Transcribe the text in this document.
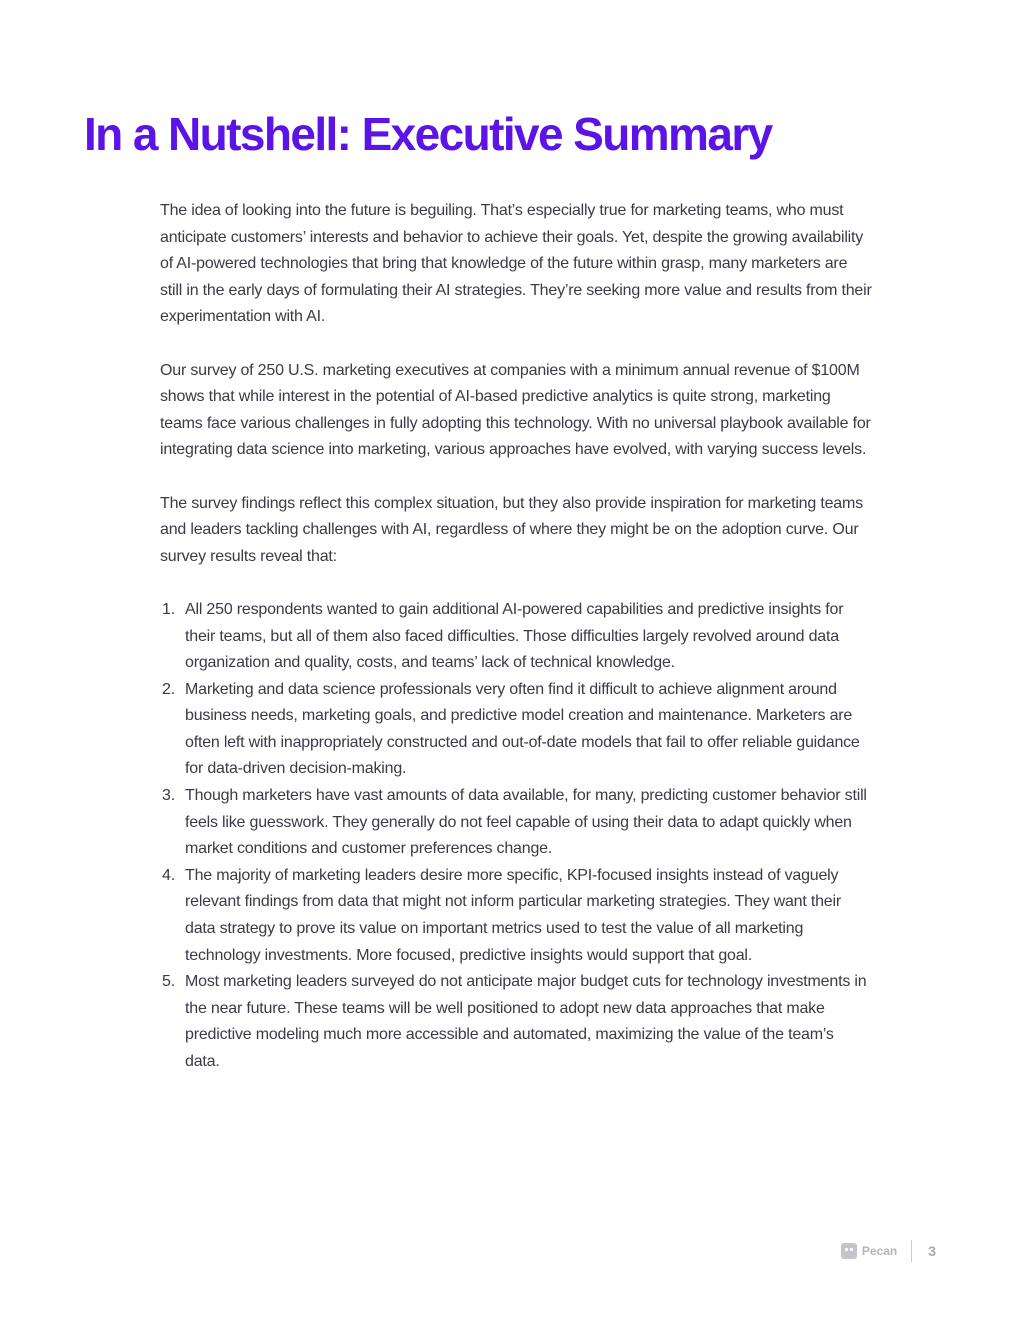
In a Nutshell: Executive Summary

The idea of looking into the future is beguiling. That’s especially true for marketing teams, who must anticipate customers’ interests and behavior to achieve their goals. Yet, despite the growing availability of AI-powered technologies that bring that knowledge of the future within grasp, many marketers are still in the early days of formulating their AI strategies. They’re seeking more value and results from their experimentation with AI.

Our survey of 250 U.S. marketing executives at companies with a minimum annual revenue of $100M shows that while interest in the potential of AI-based predictive analytics is quite strong, marketing teams face various challenges in fully adopting this technology. With no universal playbook available for integrating data science into marketing, various approaches have evolved, with varying success levels.

The survey findings reflect this complex situation, but they also provide inspiration for marketing teams and leaders tackling challenges with AI, regardless of where they might be on the adoption curve. Our survey results reveal that:

1. All 250 respondents wanted to gain additional AI-powered capabilities and predictive insights for their teams, but all of them also faced difficulties. Those difficulties largely revolved around data organization and quality, costs, and teams’ lack of technical knowledge.
2. Marketing and data science professionals very often find it difficult to achieve alignment around business needs, marketing goals, and predictive model creation and maintenance. Marketers are often left with inappropriately constructed and out-of-date models that fail to offer reliable guidance for data-driven decision-making.
3. Though marketers have vast amounts of data available, for many, predicting customer behavior still feels like guesswork. They generally do not feel capable of using their data to adapt quickly when market conditions and customer preferences change.
4. The majority of marketing leaders desire more specific, KPI-focused insights instead of vaguely relevant findings from data that might not inform particular marketing strategies. They want their data strategy to prove its value on important metrics used to test the value of all marketing technology investments. More focused, predictive insights would support that goal.
5. Most marketing leaders surveyed do not anticipate major budget cuts for technology investments in the near future. These teams will be well positioned to adopt new data approaches that make predictive modeling much more accessible and automated, maximizing the value of the team’s data.
Pecan 3
